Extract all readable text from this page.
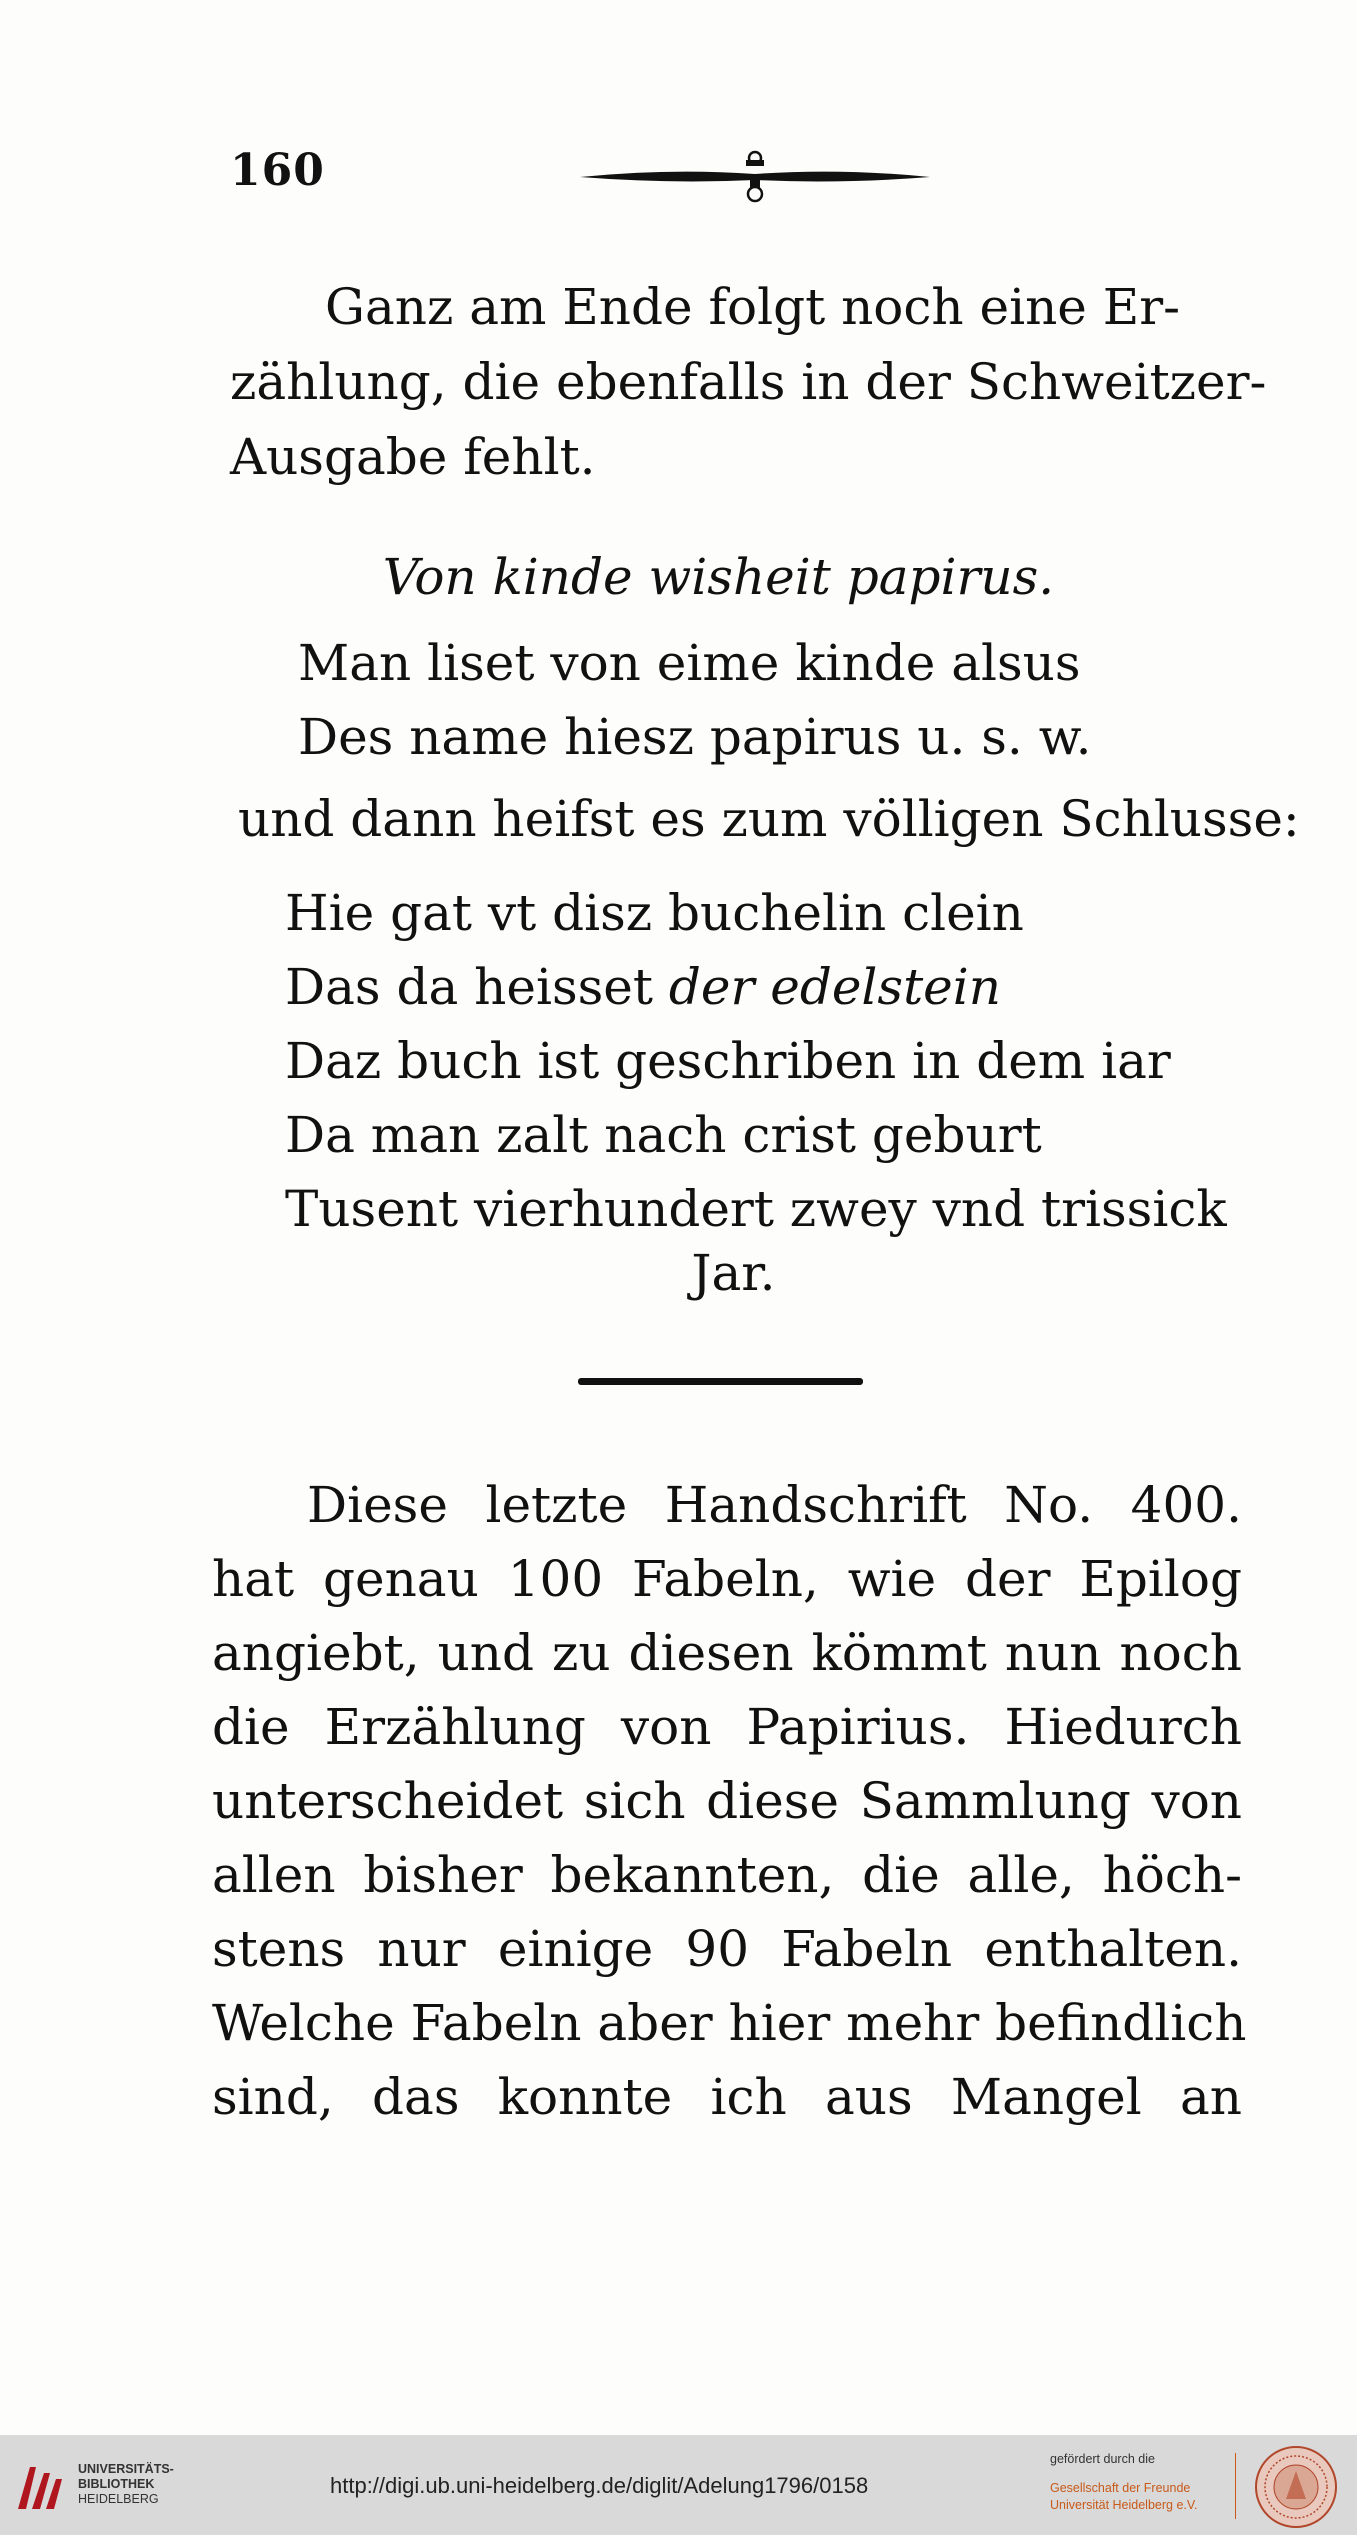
160
Ganz am Ende folgt noch eine Er-
zählung, die ebenfalls in der Schweitzer-
Ausgabe fehlt.
Von kinde wisheit papirus.
Man liset von eime kinde alsus
Des name hiesz papirus u. s. w.
und dann heifst es zum völligen Schlusse:
Hie gat vt disz buchelin clein
Das da heisset der edelstein
Daz buch ist geschriben in dem iar
Da man zalt nach crist geburt
Tusent vierhundert zwey vnd trissick
Jar.
Diese letzte Handschrift No. 400.
hat genau 100 Fabeln, wie der Epilog
angiebt, und zu diesen kömmt nun noch
die Erzählung von Papirius. Hiedurch
unterscheidet sich diese Sammlung von
allen bisher bekannten, die alle, höch-
stens nur einige 90 Fabeln enthalten.
Welche Fabeln aber hier mehr befindlich
sind, das konnte ich aus Mangel an
UNIVERSITÄTS-
BIBLIOTHEK
HEIDELBERG
http://digi.ub.uni-heidelberg.de/diglit/Adelung1796/0158
gefördert durch die
Gesellschaft der Freunde
Universität Heidelberg e.V.
